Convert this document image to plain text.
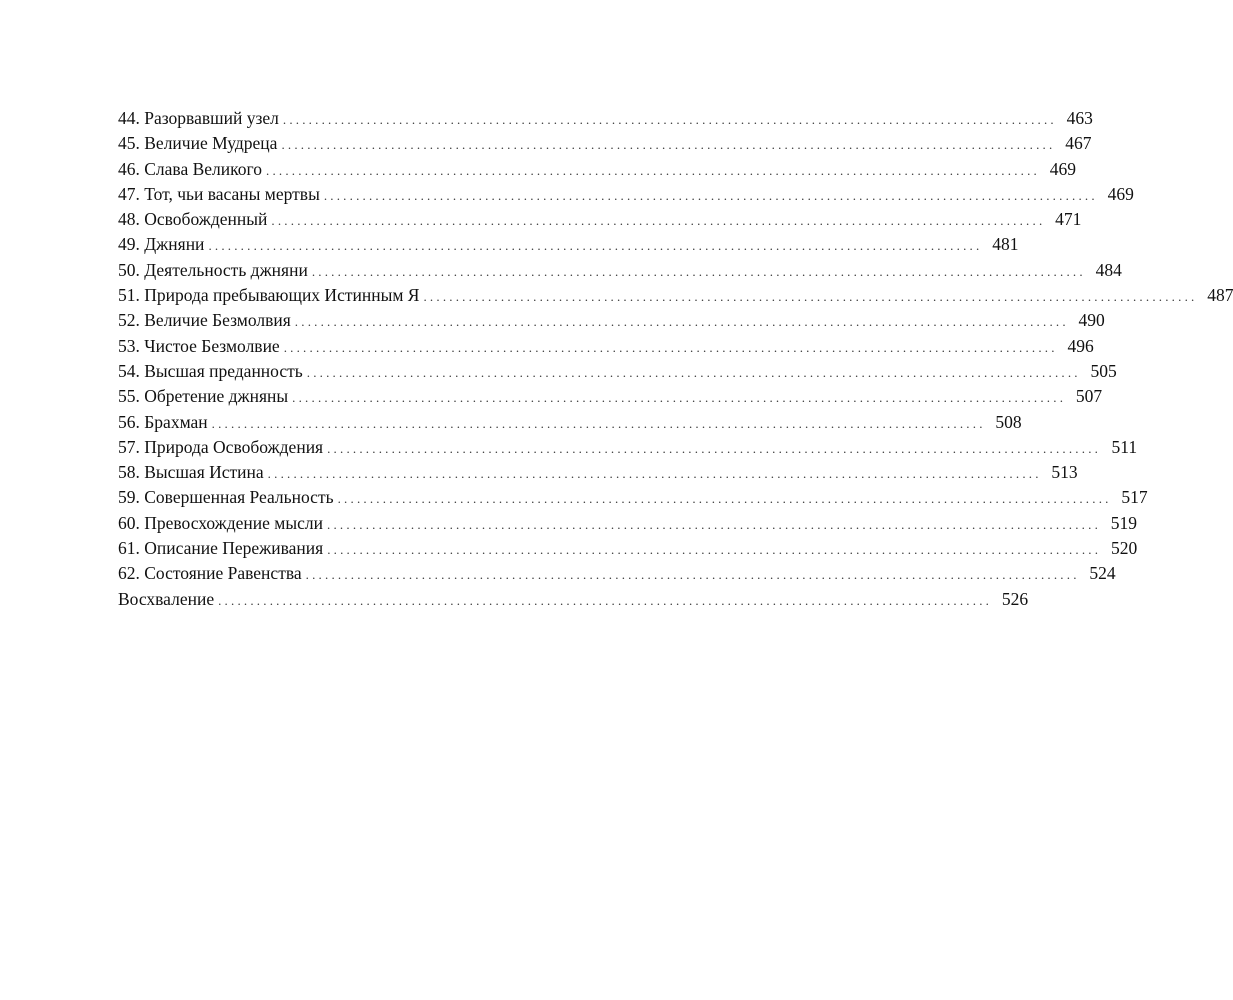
44. Разорвавший узел ........................................................................................................................ 463
45. Величие Мудреца ........................................................................................................................ 467
46. Слава Великого ........................................................................................................................ 469
47. Тот, чьи васаны мертвы ........................................................................................................................ 469
48. Освобожденный ........................................................................................................................ 471
49. Джняни ........................................................................................................................ 481
50. Деятельность джняни ........................................................................................................................ 484
51. Природа пребывающих Истинным Я ........................................................................................................................ 487
52. Величие Безмолвия ........................................................................................................................ 490
53. Чистое Безмолвие ........................................................................................................................ 496
54. Высшая преданность ........................................................................................................................ 505
55. Обретение джняны ........................................................................................................................ 507
56. Брахман ........................................................................................................................ 508
57. Природа Освобождения ........................................................................................................................ 511
58. Высшая Истина ........................................................................................................................ 513
59. Совершенная Реальность ........................................................................................................................ 517
60. Превосхождение мысли ........................................................................................................................ 519
61. Описание Переживания ........................................................................................................................ 520
62. Состояние Равенства ........................................................................................................................ 524
Восхваление ........................................................................................................................ 526
